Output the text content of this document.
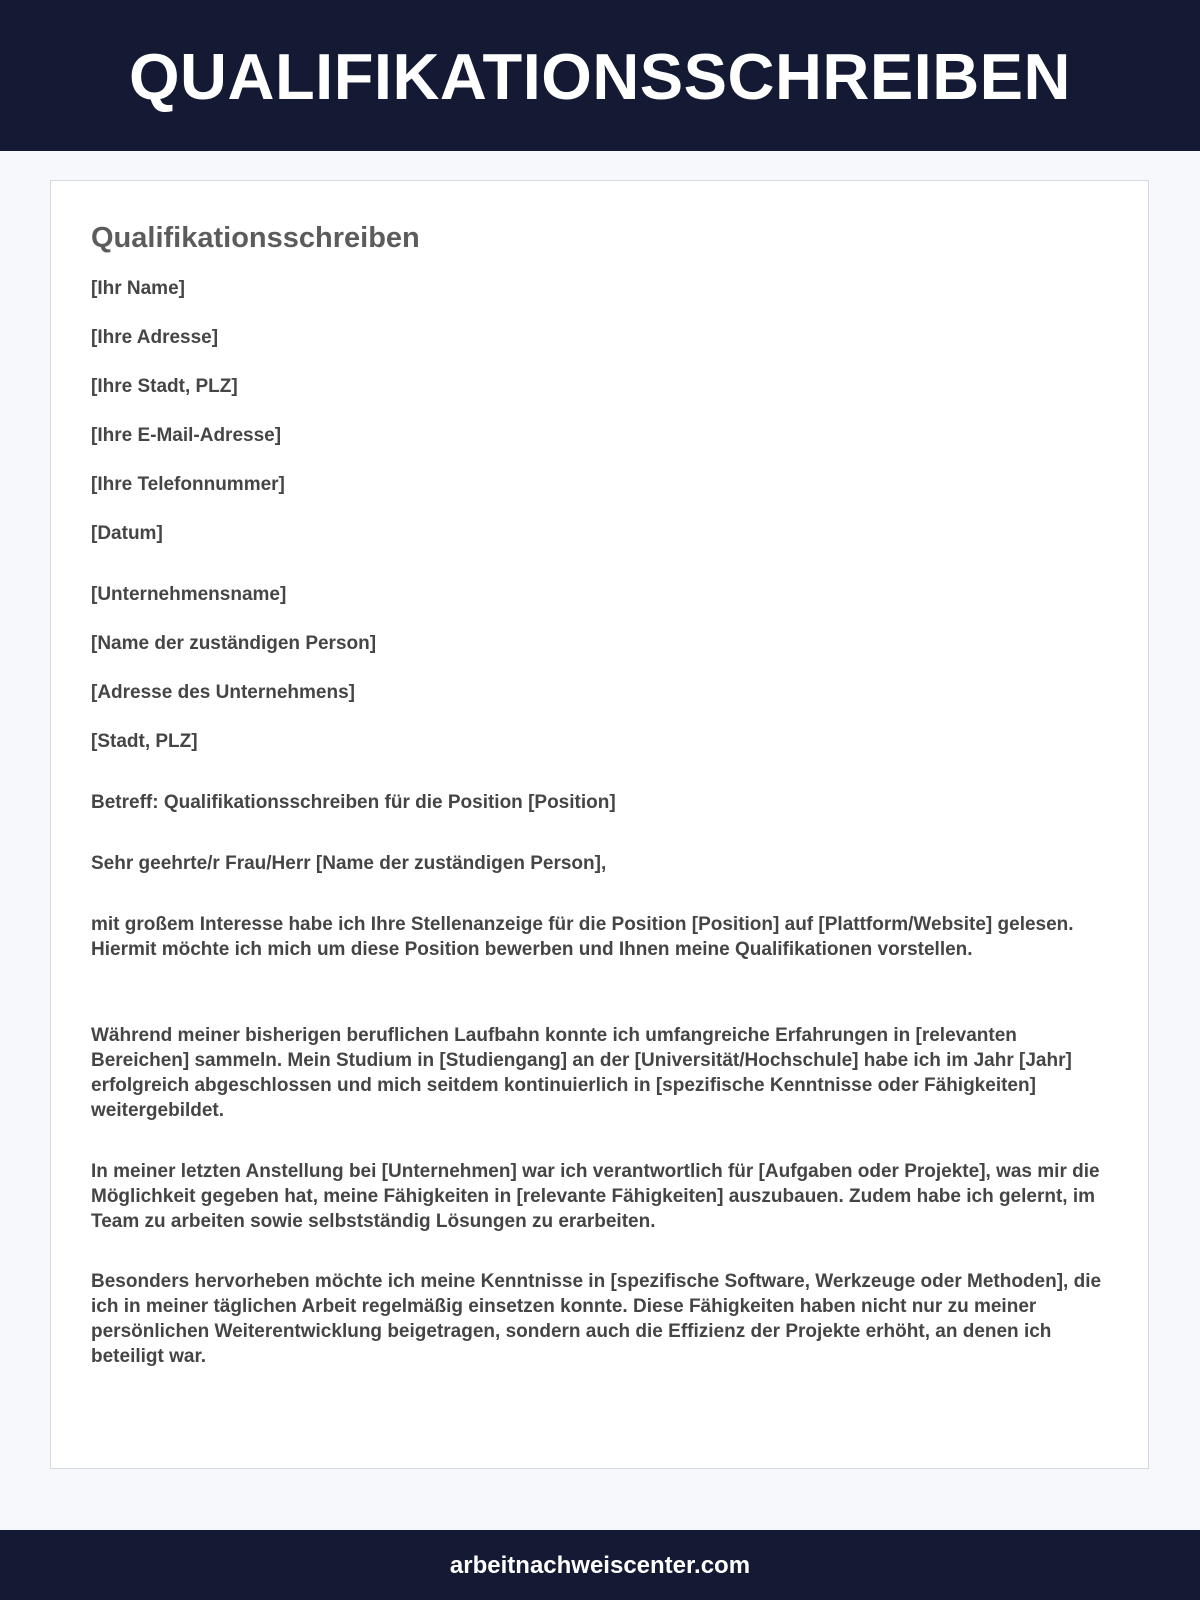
QUALIFIKATIONSSCHREIBEN
Qualifikationsschreiben

[Ihr Name]

[Ihre Adresse]

[Ihre Stadt, PLZ]

[Ihre E-Mail-Adresse]

[Ihre Telefonnummer]

[Datum]

[Unternehmensname]

[Name der zuständigen Person]

[Adresse des Unternehmens]

[Stadt, PLZ]

Betreff: Qualifikationsschreiben für die Position [Position]

Sehr geehrte/r Frau/Herr [Name der zuständigen Person],

mit großem Interesse habe ich Ihre Stellenanzeige für die Position [Position] auf [Plattform/Website] gelesen. Hiermit möchte ich mich um diese Position bewerben und Ihnen meine Qualifikationen vorstellen.

Während meiner bisherigen beruflichen Laufbahn konnte ich umfangreiche Erfahrungen in [relevanten Bereichen] sammeln. Mein Studium in [Studiengang] an der [Universität/Hochschule] habe ich im Jahr [Jahr] erfolgreich abgeschlossen und mich seitdem kontinuierlich in [spezifische Kenntnisse oder Fähigkeiten] weitergebildet.

In meiner letzten Anstellung bei [Unternehmen] war ich verantwortlich für [Aufgaben oder Projekte], was mir die Möglichkeit gegeben hat, meine Fähigkeiten in [relevante Fähigkeiten] auszubauen. Zudem habe ich gelernt, im Team zu arbeiten sowie selbstständig Lösungen zu erarbeiten.

Besonders hervorheben möchte ich meine Kenntnisse in [spezifische Software, Werkzeuge oder Methoden], die ich in meiner täglichen Arbeit regelmäßig einsetzen konnte. Diese Fähigkeiten haben nicht nur zu meiner persönlichen Weiterentwicklung beigetragen, sondern auch die Effizienz der Projekte erhöht, an denen ich beteiligt war.

arbeitnachweiscenter.com
